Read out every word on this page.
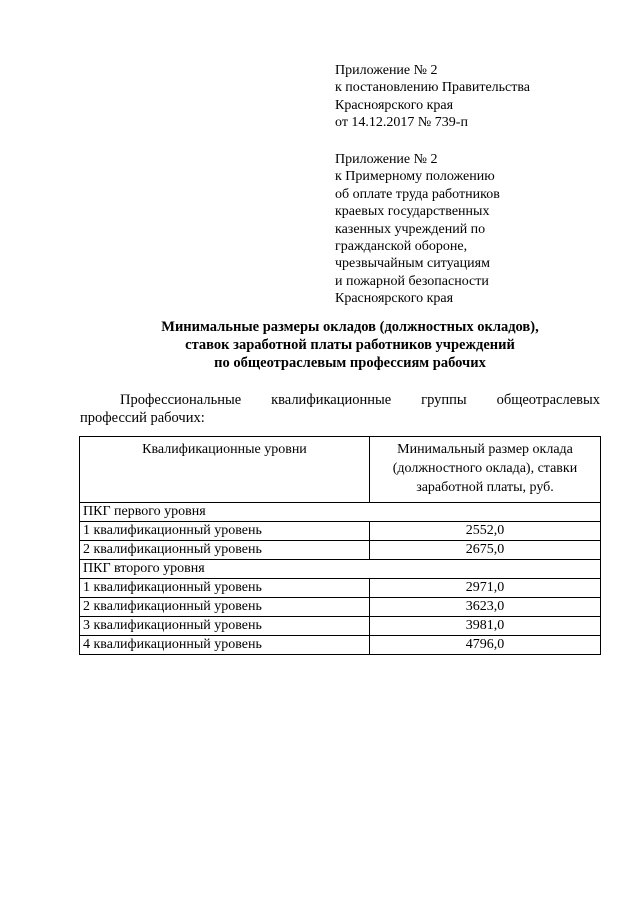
Приложение № 2
к постановлению Правительства
Красноярского края
от 14.12.2017 № 739-п
Приложение № 2
к Примерному положению
об оплате труда работников
краевых государственных
казенных учреждений по
гражданской обороне,
чрезвычайным ситуациям
и пожарной безопасности
Красноярского края
Минимальные размеры окладов (должностных окладов),
ставок заработной платы работников учреждений
по общеотраслевым профессиям рабочих
Профессиональные квалификационные группы общеотраслевых
профессий рабочих:
Квалификационные уровни	Минимальный размер оклада (должностного оклада), ставки заработной платы, руб.
ПКГ первого уровня	
1 квалификационный уровень	2552,0
2 квалификационный уровень	2675,0
ПКГ второго уровня	
1 квалификационный уровень	2971,0
2 квалификационный уровень	3623,0
3 квалификационный уровень	3981,0
4 квалификационный уровень	4796,0
